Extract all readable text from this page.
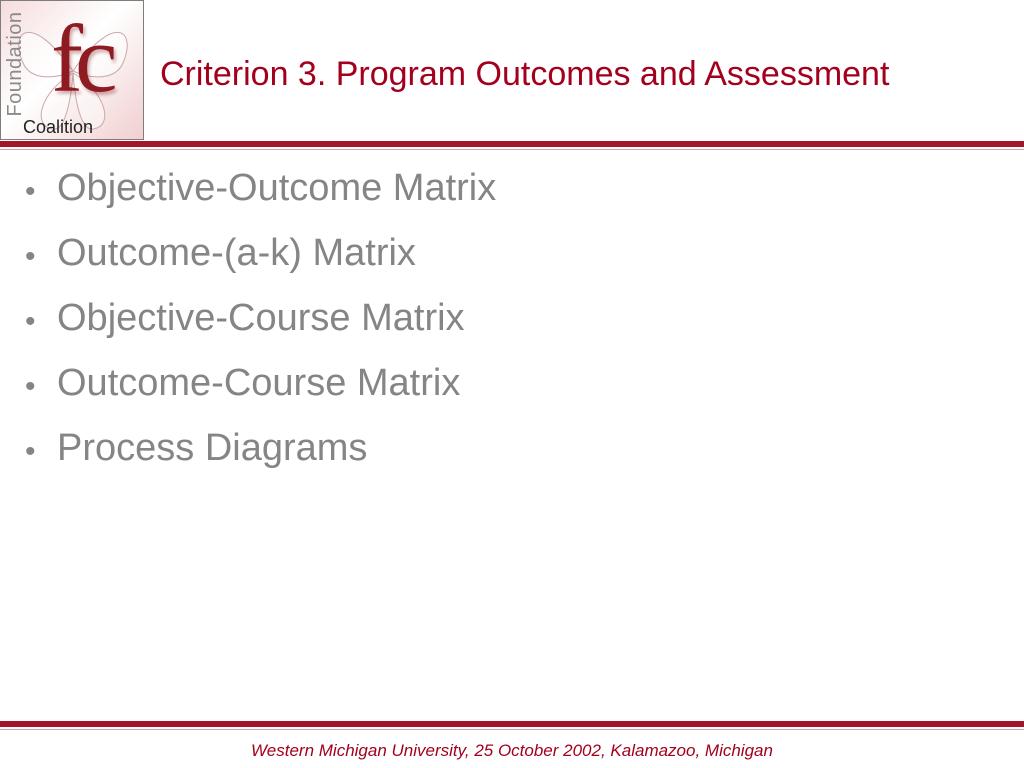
Foundation fc
Coalition
Criterion 3. Program Outcomes and Assessment
• Objective-Outcome Matrix
• Outcome-(a-k) Matrix
• Objective-Course Matrix
• Outcome-Course Matrix
• Process Diagrams
Western Michigan University, 25 October 2002, Kalamazoo, Michigan
